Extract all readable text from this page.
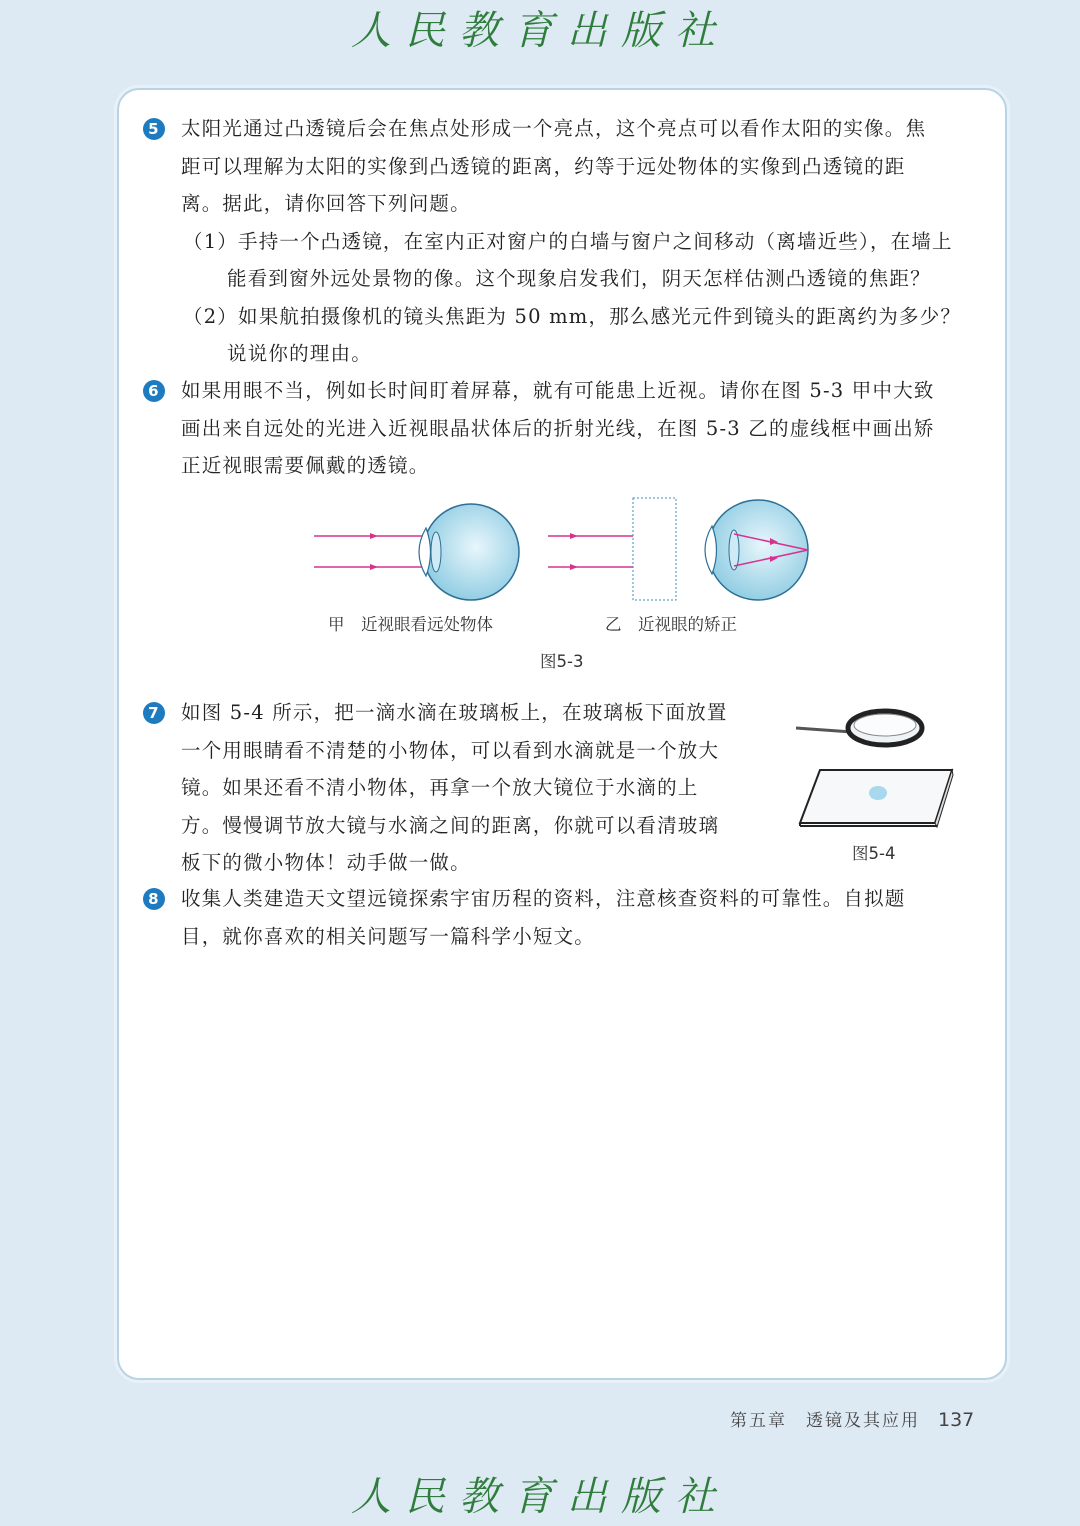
人民教育出版社
5 太阳光通过凸透镜后会在焦点处形成一个亮点，这个亮点可以看作太阳的实像。焦
距可以理解为太阳的实像到凸透镜的距离，约等于远处物体的实像到凸透镜的距
离。据此，请你回答下列问题。
（1）手持一个凸透镜，在室内正对窗户的白墙与窗户之间移动（离墙近些），在墙上
能看到窗外远处景物的像。这个现象启发我们，阴天怎样估测凸透镜的焦距？
（2）如果航拍摄像机的镜头焦距为 50 mm，那么感光元件到镜头的距离约为多少？
说说你的理由。
6 如果用眼不当，例如长时间盯着屏幕，就有可能患上近视。请你在图 5-3 甲中大致
画出来自远处的光进入近视眼晶状体后的折射光线，在图 5-3 乙的虚线框中画出矫
正近视眼需要佩戴的透镜。
甲　近视眼看远处物体	乙　近视眼的矫正
图5-3
7 如图 5-4 所示，把一滴水滴在玻璃板上，在玻璃板下面放置
一个用眼睛看不清楚的小物体，可以看到水滴就是一个放大
镜。如果还看不清小物体，再拿一个放大镜位于水滴的上
方。慢慢调节放大镜与水滴之间的距离，你就可以看清玻璃
板下的微小物体！动手做一做。	图5-4
8 收集人类建造天文望远镜探索宇宙历程的资料，注意核查资料的可靠性。自拟题
目，就你喜欢的相关问题写一篇科学小短文。
第五章　透镜及其应用 137
人民教育出版社
